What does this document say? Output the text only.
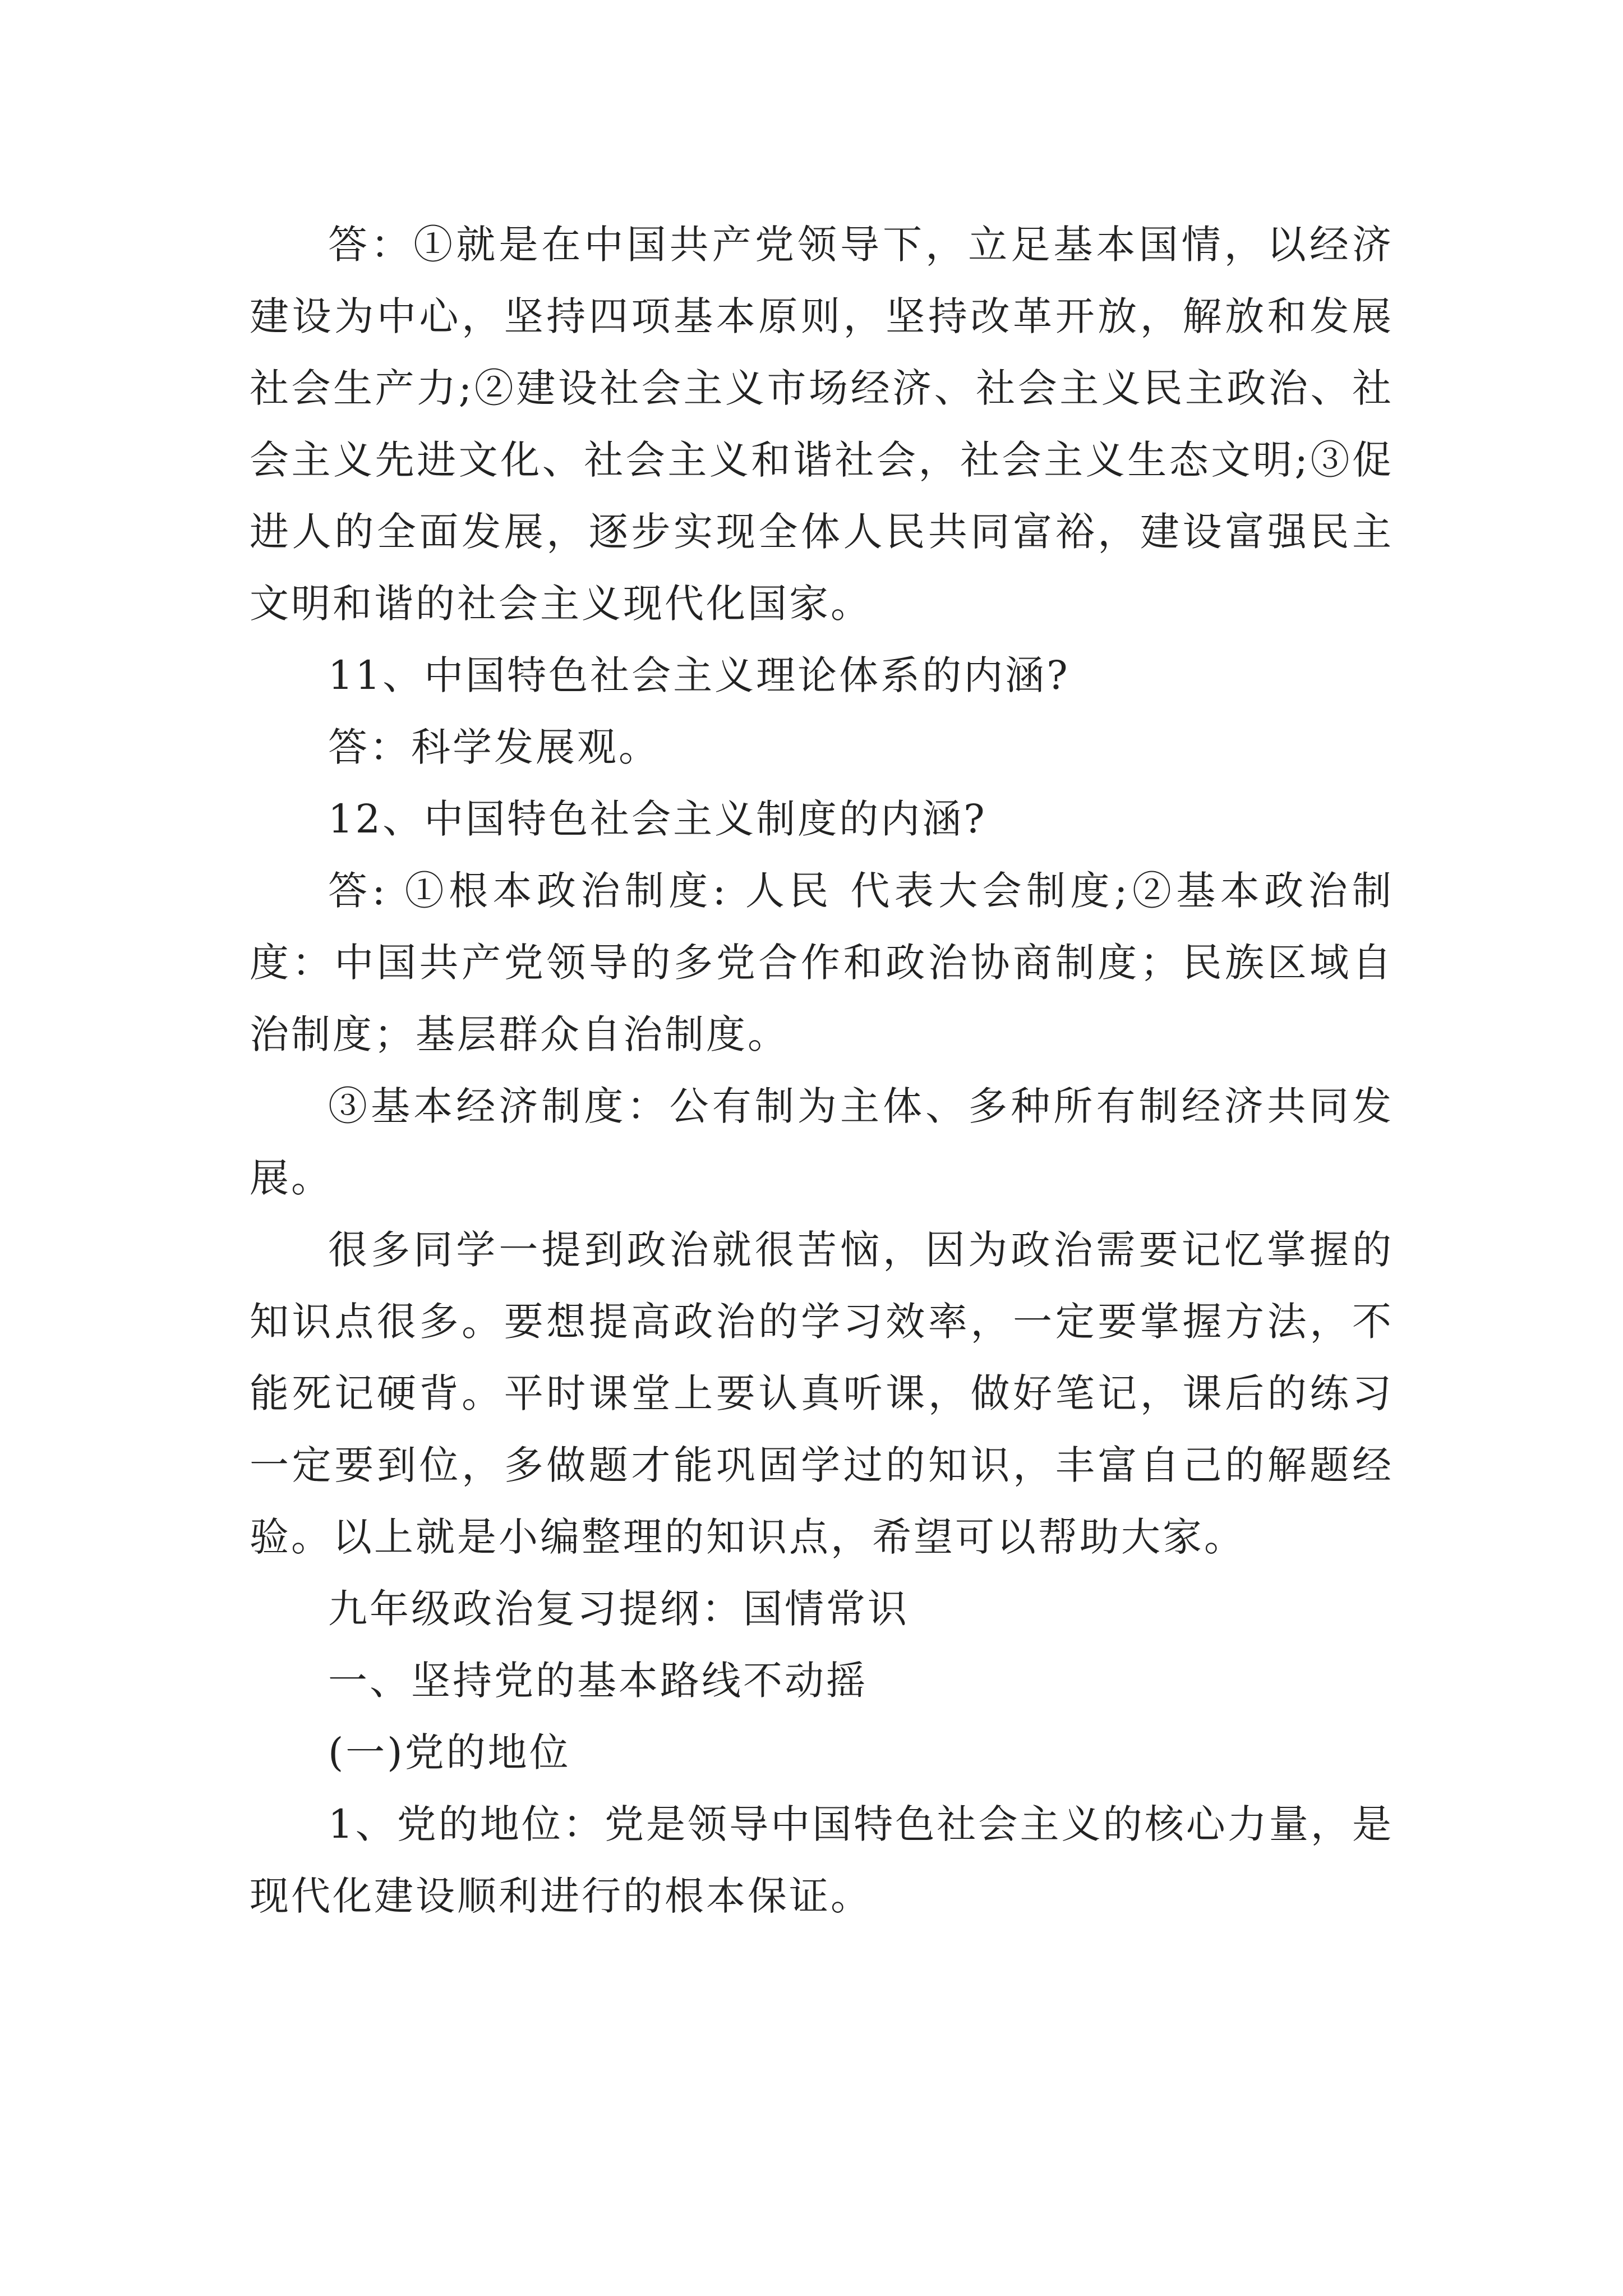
答：①就是在中国共产党领导下，立足基本国情，以经济建设为中心，坚持四项基本原则，坚持改革开放，解放和发展社会生产力;②建设社会主义市场经济、社会主义民主政治、社会主义先进文化、社会主义和谐社会，社会主义生态文明;③促进人的全面发展，逐步实现全体人民共同富裕，建设富强民主文明和谐的社会主义现代化国家。

11、中国特色社会主义理论体系的内涵?

答：科学发展观。

12、中国特色社会主义制度的内涵?

答: ①根本政治制度: 人民 代表大会制度;②基本政治制度：中国共产党领导的多党合作和政治协商制度；民族区域自治制度；基层群众自治制度。

③基本经济制度：公有制为主体、多种所有制经济共同发展。

很多同学一提到政治就很苦恼，因为政治需要记忆掌握的知识点很多。要想提高政治的学习效率，一定要掌握方法，不能死记硬背。平时课堂上要认真听课，做好笔记，课后的练习一定要到位，多做题才能巩固学过的知识，丰富自己的解题经验。以上就是小编整理的知识点，希望可以帮助大家。

九年级政治复习提纲：国情常识

一、坚持党的基本路线不动摇

(一)党的地位

1、党的地位：党是领导中国特色社会主义的核心力量，是现代化建设顺利进行的根本保证。
